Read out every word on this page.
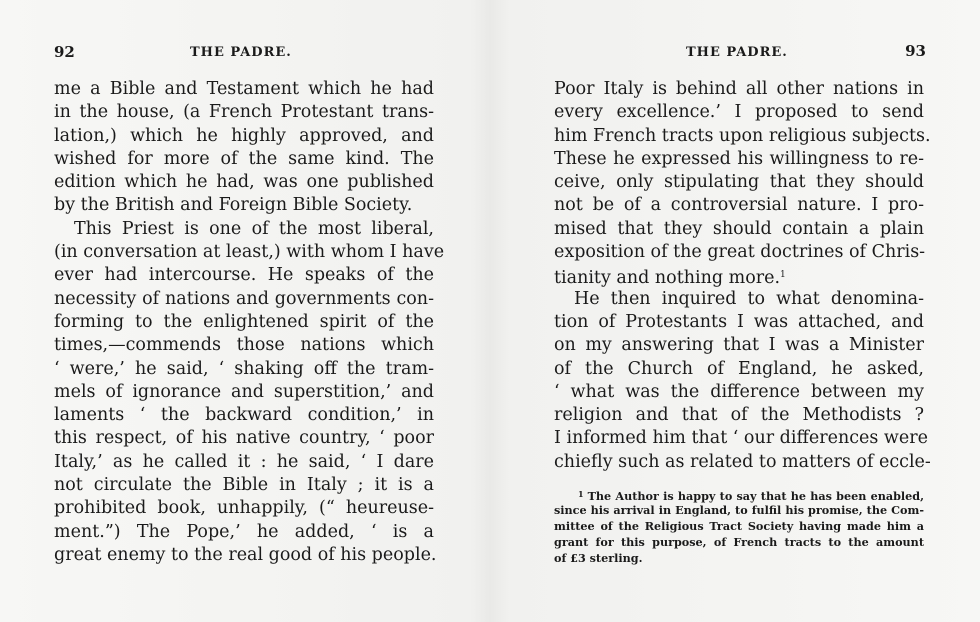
92	THE PADRE.
me a Bible and Testament which he had
in the house, (a French Protestant trans-
lation,) which he highly approved, and
wished for more of the same kind. The
edition which he had, was one published
by the British and Foreign Bible Society.
This Priest is one of the most liberal,
(in conversation at least,) with whom I have
ever had intercourse. He speaks of the
necessity of nations and governments con-
forming to the enlightened spirit of the
times,—commends those nations which
‘ were,’ he said, ‘ shaking off the tram-
mels of ignorance and superstition,’ and
laments ‘ the backward condition,’ in
this respect, of his native country, ‘ poor
Italy,’ as he called it : he said, ‘ I dare
not circulate the Bible in Italy ; it is a
prohibited book, unhappily, (“ heureuse-
ment.”) The Pope,’ he added, ‘ is a
great enemy to the real good of his people.
THE PADRE.	93
Poor Italy is behind all other nations in
every excellence.’ I proposed to send
him French tracts upon religious subjects.
These he expressed his willingness to re-
ceive, only stipulating that they should
not be of a controversial nature. I pro-
mised that they should contain a plain
exposition of the great doctrines of Chris-
tianity and nothing more.$^1$
He then inquired to what denomina-
tion of Protestants I was attached, and
on my answering that I was a Minister
of the Church of England, he asked,
‘ what was the difference between my
religion and that of the Methodists ?
I informed him that ‘ our differences were
chiefly such as related to matters of eccle-
$^1$ The Author is happy to say that he has been enabled,
since his arrival in England, to fulfil his promise, the Com-
mittee of the Religious Tract Society having made him a
grant for this purpose, of French tracts to the amount
of £3 sterling.
